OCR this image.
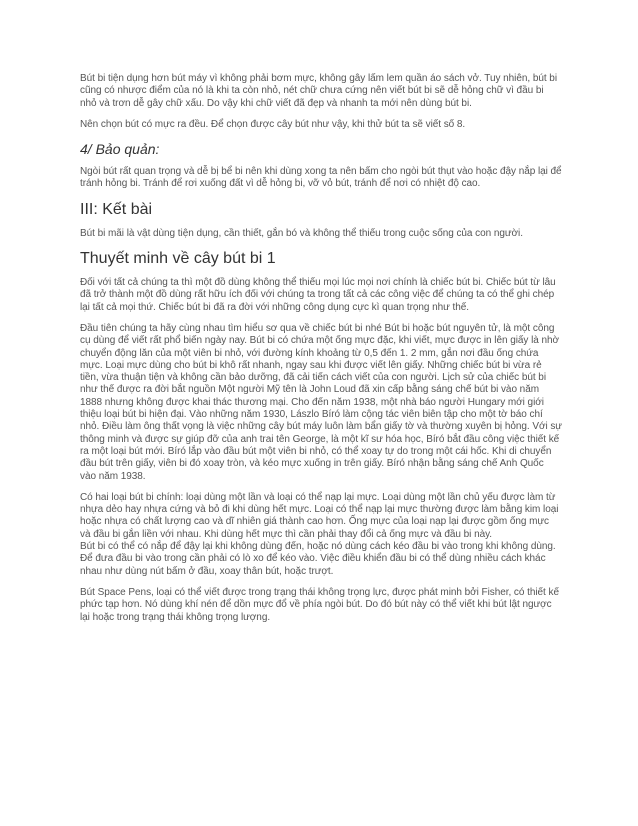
Bút bi tiện dụng hơn bút máy vì không phải bơm mực, không gây lấm lem quần áo sách vở. Tuy nhiên, bút bi cũng có nhược điểm của nó là khi ta còn nhỏ, nét chữ chưa cứng nên viết bút bi sẽ dễ hỏng chữ vì đầu bi nhỏ và trơn dễ gây chữ xấu. Do vậy khi chữ viết đã đẹp và nhanh ta mới nên dùng bút bi.

Nên chọn bút có mực ra đều. Để chọn được cây bút như vậy, khi thử bút ta sẽ viết số 8.

4/ Bảo quản:

Ngòi bút rất quan trọng và dễ bị bể bi nên khi dùng xong ta nên bấm cho ngòi bút thụt vào hoặc đậy nắp lại để tránh hỏng bi. Tránh để rơi xuống đất vì dễ hỏng bi, vỡ vỏ bút, tránh để nơi có nhiệt độ cao.

III: Kết bài

Bút bi mãi là vật dùng tiện dụng, cần thiết, gắn bó và không thể thiếu trong cuộc sống của con người.

Thuyết minh về cây bút bi 1

Đối với tất cả chúng ta thì một đồ dùng không thể thiếu mọi lúc mọi nơi chính là chiếc bút bi. Chiếc bút từ lâu đã trở thành một đồ dùng rất hữu ích đối với chúng ta trong tất cả các công việc để chúng ta có thể ghi chép lại tất cả mọi thứ. Chiếc bút bi đã ra đời với những công dụng cực kì quan trọng như thế.

Đầu tiên chúng ta hãy cùng nhau tìm hiểu sơ qua về chiếc bút bi nhé Bút bi hoặc bút nguyên tử, là một công cụ dùng để viết rất phổ biến ngày nay. Bút bi có chứa một ống mực đặc, khi viết, mực được in lên giấy là nhờ chuyển động lăn của một viên bi nhỏ, với đường kính khoảng từ 0,5 đến 1. 2 mm, gắn nơi đầu ống chứa mực. Loại mực dùng cho bút bi khô rất nhanh, ngay sau khi được viết lên giấy. Những chiếc bút bi vừa rẻ tiền, vừa thuận tiện và không cần bảo dưỡng, đã cải tiến cách viết của con người. Lịch sử của chiếc bút bi như thế được ra đời bắt nguồn Một người Mỹ tên là John Loud đã xin cấp bằng sáng chế bút bi vào năm 1888 nhưng không được khai thác thương mại. Cho đến năm 1938, một nhà báo người Hungary mới giới thiệu loại bút bi hiện đại. Vào những năm 1930, Lászlo Bíró làm cộng tác viên biên tập cho một tờ báo chí nhỏ. Điều làm ông thất vọng là việc những cây bút máy luôn làm bẩn giấy tờ và thường xuyên bị hỏng. Với sự thông minh và được sự giúp đỡ của anh trai tên George, là một kĩ sư hóa học, Bíró bắt đầu công việc thiết kế ra một loại bút mới. Bíró lắp vào đầu bút một viên bi nhỏ, có thể xoay tự do trong một cái hốc. Khi di chuyển đầu bút trên giấy, viên bi đó xoay tròn, và kéo mực xuống in trên giấy. Bíró nhận bằng sáng chế Anh Quốc vào năm 1938.

Có hai loại bút bi chính: loại dùng một lần và loại có thể nạp lại mực. Loại dùng một lần chủ yếu được làm từ nhựa dẻo hay nhựa cứng và bỏ đi khi dùng hết mực. Loại có thể nạp lại mực thường được làm bằng kim loại hoặc nhựa có chất lượng cao và dĩ nhiên giá thành cao hơn. Ống mực của loại nạp lại được gồm ống mực và đầu bi gắn liền với nhau. Khi dùng hết mực thì cần phải thay đổi cả ống mực và đầu bi này.

Bút bi có thể có nắp để đậy lại khi không dùng đến, hoặc nó dùng cách kéo đầu bi vào trong khi không dùng. Để đưa đầu bi vào trong cần phải có lò xo để kéo vào. Việc điều khiển đầu bi có thể dùng nhiều cách khác nhau như dùng nút bấm ở đầu, xoay thân bút, hoặc trượt.

Bút Space Pens, loại có thể viết được trong trạng thái không trọng lực, được phát minh bởi Fisher, có thiết kế phức tạp hơn. Nó dùng khí nén để dồn mực đổ về phía ngòi bút. Do đó bút này có thể viết khi bút lật ngược lại hoặc trong trạng thái không trọng lượng.
